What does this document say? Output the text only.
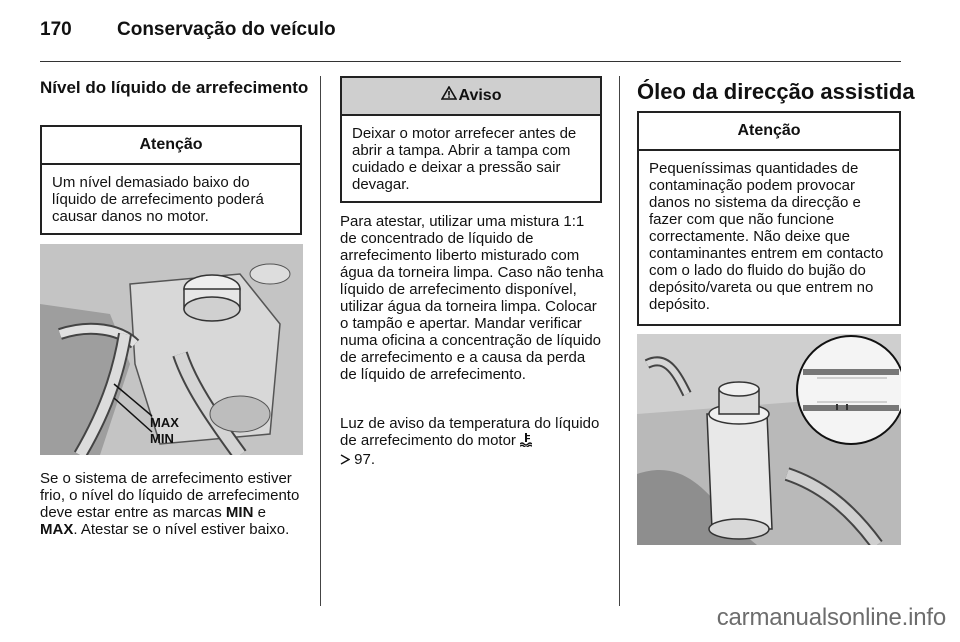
170 Conservação do veículo
Nível do líquido de arrefecimento
Atenção
Um nível demasiado baixo do líquido de arrefecimento poderá causar danos no motor.
MAX
MIN
Se o sistema de arrefecimento estiver frio, o nível do líquido de arrefecimento deve estar entre as marcas MIN e MAX. Atestar se o nível estiver baixo.
Aviso
Deixar o motor arrefecer antes de abrir a tampa. Abrir a tampa com cuidado e deixar a pressão sair devagar.
Para atestar, utilizar uma mistura 1:1 de concentrado de líquido de arrefecimento liberto misturado com água da torneira limpa. Caso não tenha líquido de arrefecimento disponível, utilizar água da torneira limpa. Colocar o tampão e apertar. Mandar verificar numa oficina a concentração de líquido de arrefecimento e a causa da perda de líquido de arrefecimento.
Luz de aviso da temperatura do líquido de arrefecimento do motor
97.
Óleo da direcção assistida
Atenção
Pequeníssimas quantidades de contaminação podem provocar danos no sistema da direcção e fazer com que não funcione correctamente. Não deixe que contaminantes entrem em contacto com o lado do fluido do bujão do depósito/vareta ou que entrem no depósito.
carmanualsonline.info
